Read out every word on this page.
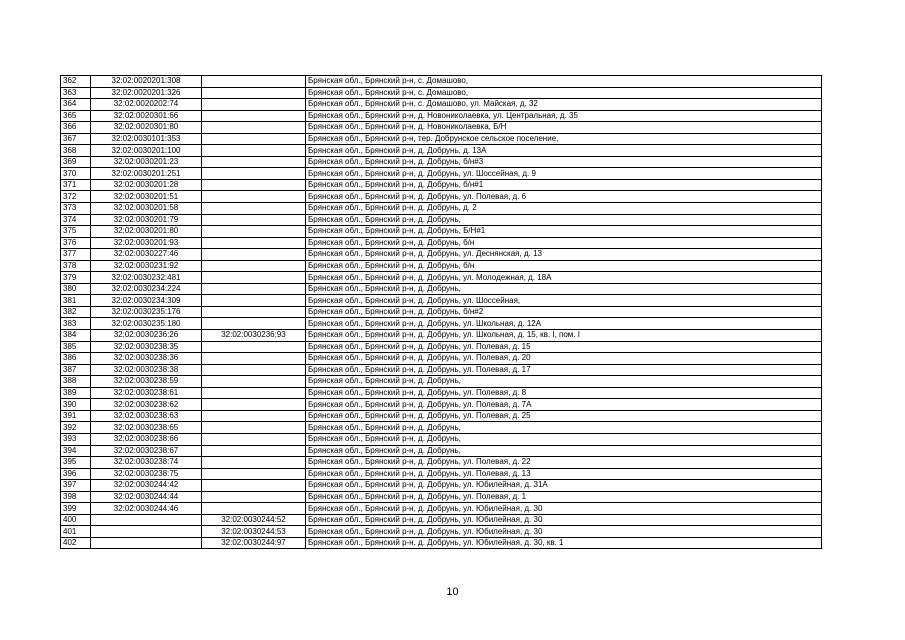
362	32:02:0020201:308		Брянская обл., Брянский р-н, с. Домашово,
363	32:02:0020201:326		Брянская обл., Брянский р-н, с. Домашово,
364	32:02:0020202:74		Брянская обл., Брянский р-н, с. Домашово, ул. Майская, д. 32
365	32:02:0020301:66		Брянская обл., Брянский р-н, д. Новониколаевка, ул. Центральная, д. 35
366	32:02:0020301:80		Брянская обл., Брянский р-н, д. Новониколаевка, Б/Н
367	32:02:0030101:353		Брянская обл., Брянский р-н, тер. Добрунское сельское поселение,
368	32:02:0030201:100		Брянская обл., Брянский р-н, д. Добрунь, д. 13А
369	32:02:0030201:23		Брянская обл., Брянский р-н, д. Добрунь, б/н#3
370	32:02:0030201:251		Брянская обл., Брянский р-н, д. Добрунь, ул. Шоссейная, д. 9
371	32:02:0030201:28		Брянская обл., Брянский р-н, д. Добрунь, б/н#1
372	32:02:0030201:51		Брянская обл., Брянский р-н, д. Добрунь, ул. Полевая, д. 6
373	32:02:0030201:58		Брянская обл., Брянский р-н, д. Добрунь, д. 2
374	32:02:0030201:79		Брянская обл., Брянский р-н, д. Добрунь,
375	32:02:0030201:80		Брянская обл., Брянский р-н, д. Добрунь, Б/Н#1
376	32:02:0030201:93		Брянская обл., Брянский р-н, д. Добрунь, б/н
377	32:02:0030227:46		Брянская обл., Брянский р-н, д. Добрунь, ул. Деснянская, д. 13
378	32:02:0030231:92		Брянская обл., Брянский р-н, д. Добрунь, б/н
379	32:02:0030232:481		Брянская обл., Брянский р-н, д. Добрунь, ул. Молодежная, д. 18А
380	32:02:0030234:224		Брянская обл., Брянский р-н, д. Добрунь,
381	32:02:0030234:309		Брянская обл., Брянский р-н, д. Добрунь, ул. Шоссейная,
382	32:02:0030235:176		Брянская обл., Брянский р-н, д. Добрунь, б/н#2
383	32:02:0030235:180		Брянская обл., Брянский р-н, д. Добрунь, ул. Школьная, д. 12А
384	32:02:0030236:26	32:02:0030236:93	Брянская обл., Брянский р-н, д. Добрунь, ул. Школьная, д. 15, кв. I, пом. I
385	32:02:0030238:35		Брянская обл., Брянский р-н, д. Добрунь, ул. Полевая, д. 15
386	32:02:0030238:36		Брянская обл., Брянский р-н, д. Добрунь, ул. Полевая, д. 20
387	32:02:0030238:38		Брянская обл., Брянский р-н, д. Добрунь, ул. Полевая, д. 17
388	32:02:0030238:59		Брянская обл., Брянский р-н, д. Добрунь,
389	32:02:0030238:61		Брянская обл., Брянский р-н, д. Добрунь, ул. Полевая, д. 8
390	32:02:0030238:62		Брянская обл., Брянский р-н, д. Добрунь, ул. Полевая, д. 7А
391	32:02:0030238:63		Брянская обл., Брянский р-н, д. Добрунь, ул. Полевая, д. 25
392	32:02:0030238:65		Брянская обл., Брянский р-н, д. Добрунь,
393	32:02:0030238:66		Брянская обл., Брянский р-н, д. Добрунь,
394	32:02:0030238:67		Брянская обл., Брянский р-н, д. Добрунь,
395	32:02:0030238:74		Брянская обл., Брянский р-н, д. Добрунь, ул. Полевая, д. 22
396	32:02:0030238:75		Брянская обл., Брянский р-н, д. Добрунь, ул. Полевая, д. 13
397	32:02:0030244:42		Брянская обл., Брянский р-н, д. Добрунь, ул. Юбилейная, д. 31А
398	32:02:0030244:44		Брянская обл., Брянский р-н, д. Добрунь, ул. Полевая, д. 1
399	32:02:0030244:46		Брянская обл., Брянский р-н, д. Добрунь, ул. Юбилейная, д. 30
400		32:02:0030244:52	Брянская обл., Брянский р-н, д. Добрунь, ул. Юбилейная, д. 30
401		32:02:0030244:53	Брянская обл., Брянский р-н, д. Добрунь, ул. Юбилейная, д. 30
402		32:02:0030244:97	Брянская обл., Брянский р-н, д. Добрунь, ул. Юбилейная, д. 30, кв. 1
10
